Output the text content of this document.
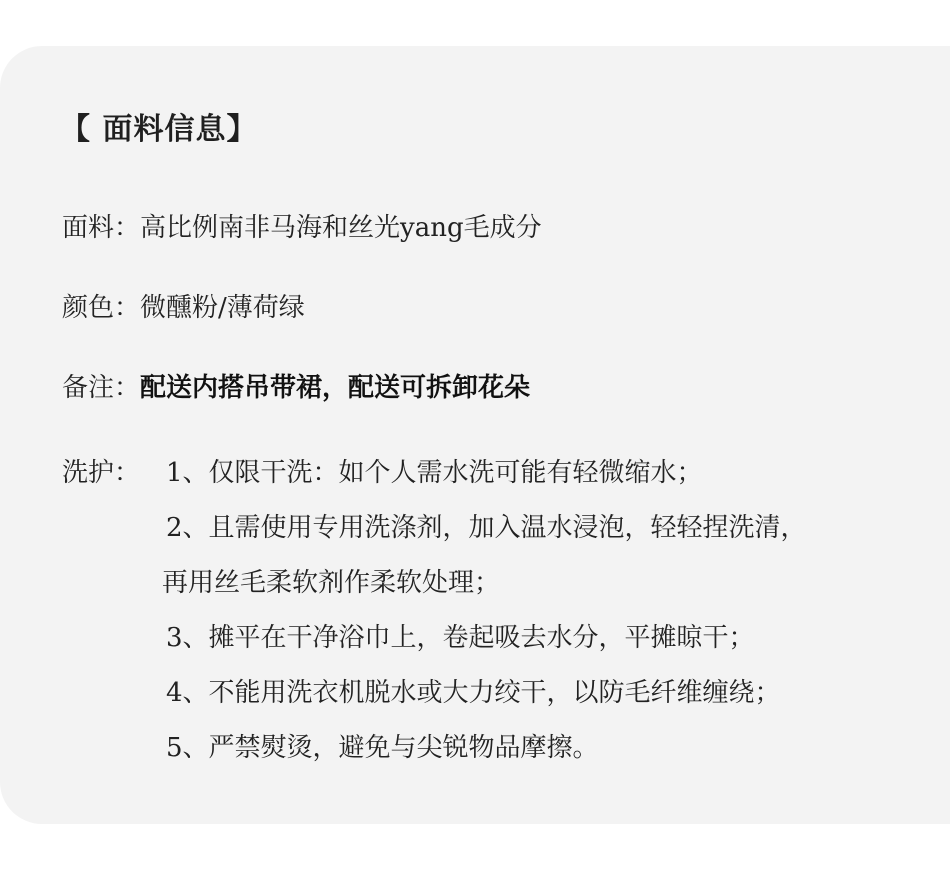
【 面料信息】
面料：高比例南非马海和丝光yang毛成分
颜色：微醺粉/薄荷绿
备注：配送内搭吊带裙，配送可拆卸花朵
洗护： 1、仅限干洗：如个人需水洗可能有轻微缩水；
2、且需使用专用洗涤剂，加入温水浸泡，轻轻捏洗清，
再用丝毛柔软剂作柔软处理；
3、摊平在干净浴巾上，卷起吸去水分，平摊晾干；
4、不能用洗衣机脱水或大力绞干，以防毛纤维缠绕；
5、严禁熨烫，避免与尖锐物品摩擦。
